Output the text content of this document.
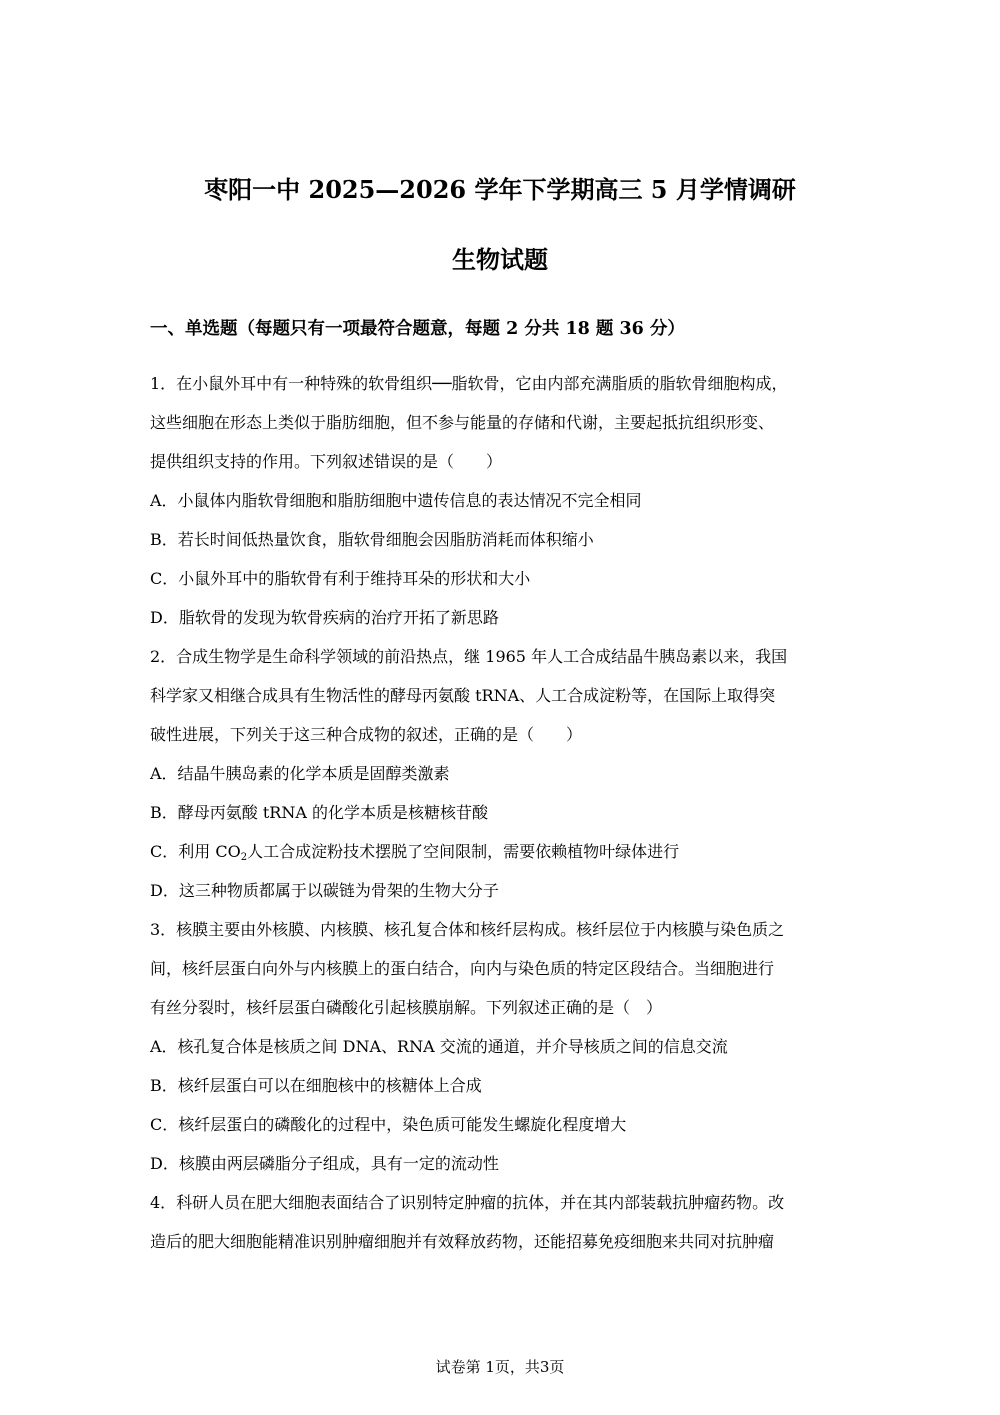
枣阳一中 2025—2026 学年下学期高三 5 月学情调研
生物试题
一、单选题（每题只有一项最符合题意，每题 2 分共 18 题 36 分）
1．在小鼠外耳中有一种特殊的软骨组织──脂软骨，它由内部充满脂质的脂软骨细胞构成，
这些细胞在形态上类似于脂肪细胞，但不参与能量的存储和代谢，主要起抵抗组织形变、
提供组织支持的作用。下列叙述错误的是（　　）
A．小鼠体内脂软骨细胞和脂肪细胞中遗传信息的表达情况不完全相同
B．若长时间低热量饮食，脂软骨细胞会因脂肪消耗而体积缩小
C．小鼠外耳中的脂软骨有利于维持耳朵的形状和大小
D．脂软骨的发现为软骨疾病的治疗开拓了新思路
2．合成生物学是生命科学领域的前沿热点，继 1965 年人工合成结晶牛胰岛素以来，我国
科学家又相继合成具有生物活性的酵母丙氨酸 tRNA、人工合成淀粉等，在国际上取得突
破性进展，下列关于这三种合成物的叙述，正确的是（　　）
A．结晶牛胰岛素的化学本质是固醇类激素
B．酵母丙氨酸 tRNA 的化学本质是核糖核苷酸
C．利用 $CO_2$人工合成淀粉技术摆脱了空间限制，需要依赖植物叶绿体进行
D．这三种物质都属于以碳链为骨架的生物大分子
3．核膜主要由外核膜、内核膜、核孔复合体和核纤层构成。核纤层位于内核膜与染色质之
间，核纤层蛋白向外与内核膜上的蛋白结合，向内与染色质的特定区段结合。当细胞进行
有丝分裂时，核纤层蛋白磷酸化引起核膜崩解。下列叙述正确的是（　）
A．核孔复合体是核质之间 DNA、RNA 交流的通道，并介导核质之间的信息交流
B．核纤层蛋白可以在细胞核中的核糖体上合成
C．核纤层蛋白的磷酸化的过程中，染色质可能发生螺旋化程度增大
D．核膜由两层磷脂分子组成，具有一定的流动性
4．科研人员在肥大细胞表面结合了识别特定肿瘤的抗体，并在其内部装载抗肿瘤药物。改
造后的肥大细胞能精准识别肿瘤细胞并有效释放药物，还能招募免疫细胞来共同对抗肿瘤
试卷第 1页，共3页
